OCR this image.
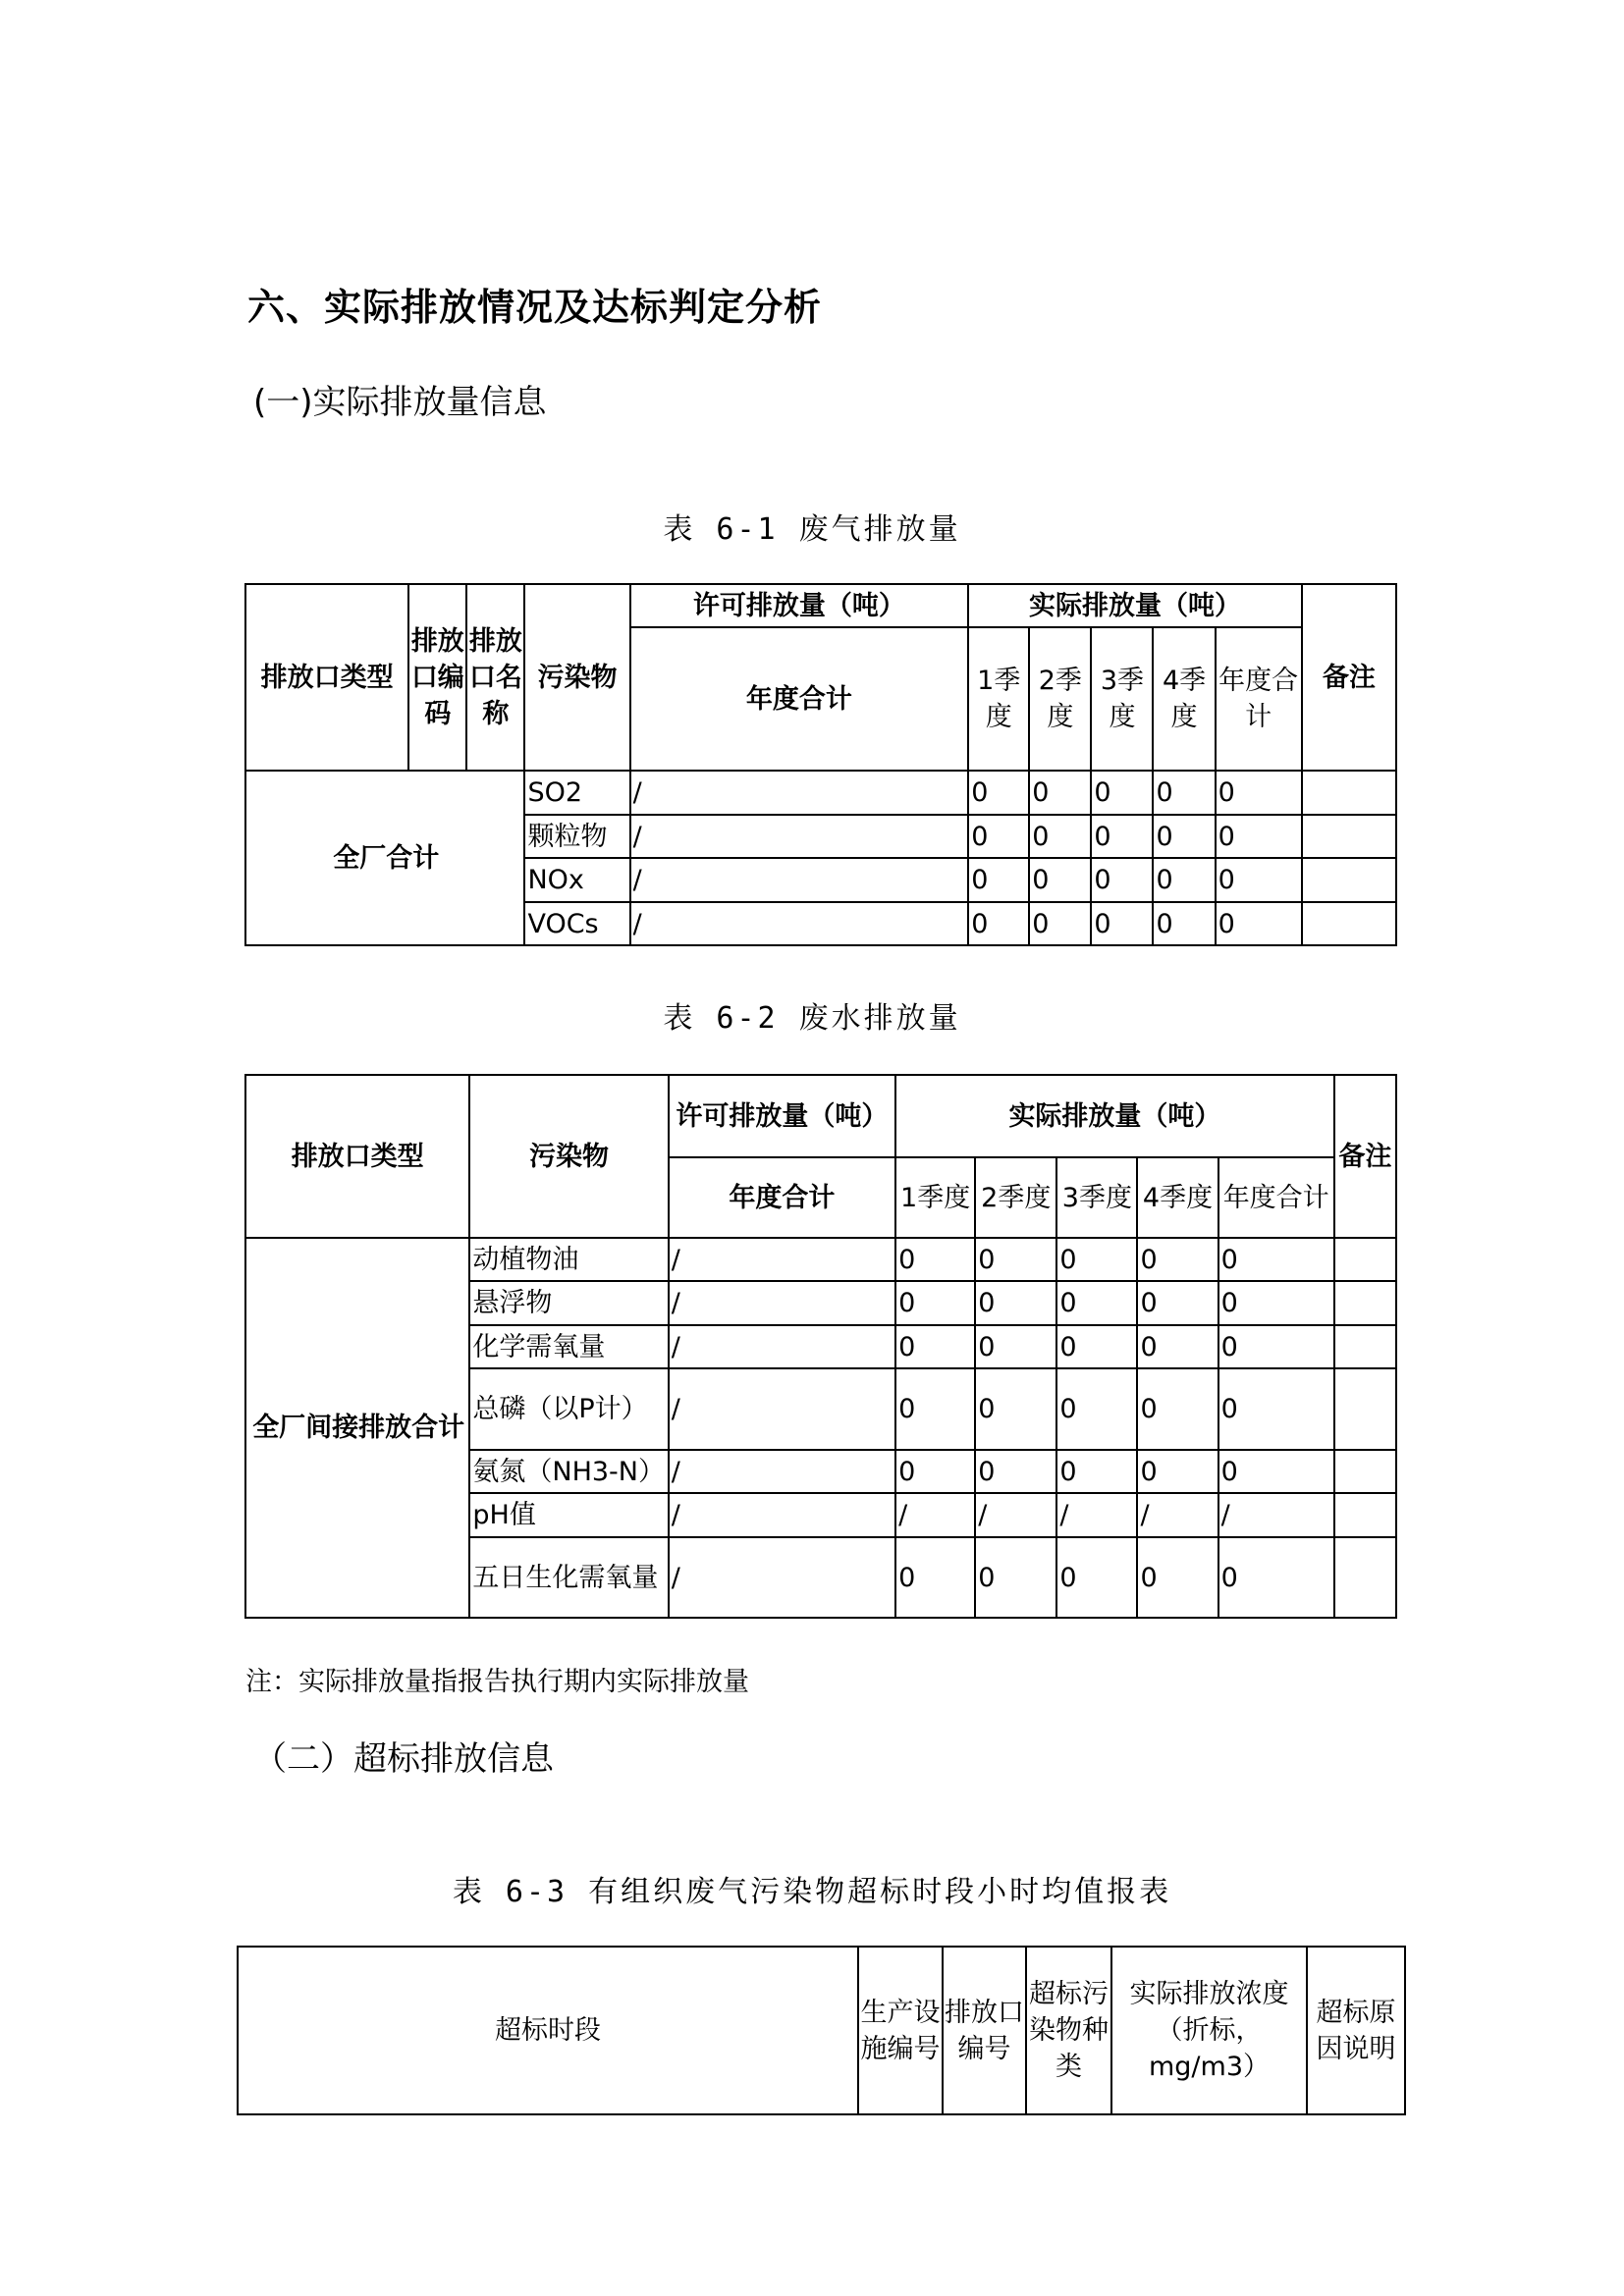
六、实际排放情况及达标判定分析
(一)实际排放量信息
表 6-1 废气排放量
排放口类型	排放口编码	排放口名称	污染物	许可排放量（吨）	实际排放量（吨）					备注
				年度合计	1季度	2季度	3季度	4季度	年度合计	
全厂合计			SO2	/	0	0	0	0	0	
			颗粒物	/	0	0	0	0	0	
			NOx	/	0	0	0	0	0	
			VOCs	/	0	0	0	0	0	
表 6-2 废水排放量
排放口类型	污染物	许可排放量（吨）	实际排放量（吨）					备注
		年度合计	1季度	2季度	3季度	4季度	年度合计	
全厂间接排放合计	动植物油	/	0	0	0	0	0	
	悬浮物	/	0	0	0	0	0	
	化学需氧量	/	0	0	0	0	0	
	总磷（以P计）	/	0	0	0	0	0	
	氨氮（NH3-N）	/	0	0	0	0	0	
	pH值	/	/	/	/	/	/	
	五日生化需氧量	/	0	0	0	0	0	
注：实际排放量指报告执行期内实际排放量
（二）超标排放信息
表 6-3 有组织废气污染物超标时段小时均值报表
超标时段	生产设施编号	排放口编号	超标污染物种类	实际排放浓度（折标，mg/m3）	超标原因说明
